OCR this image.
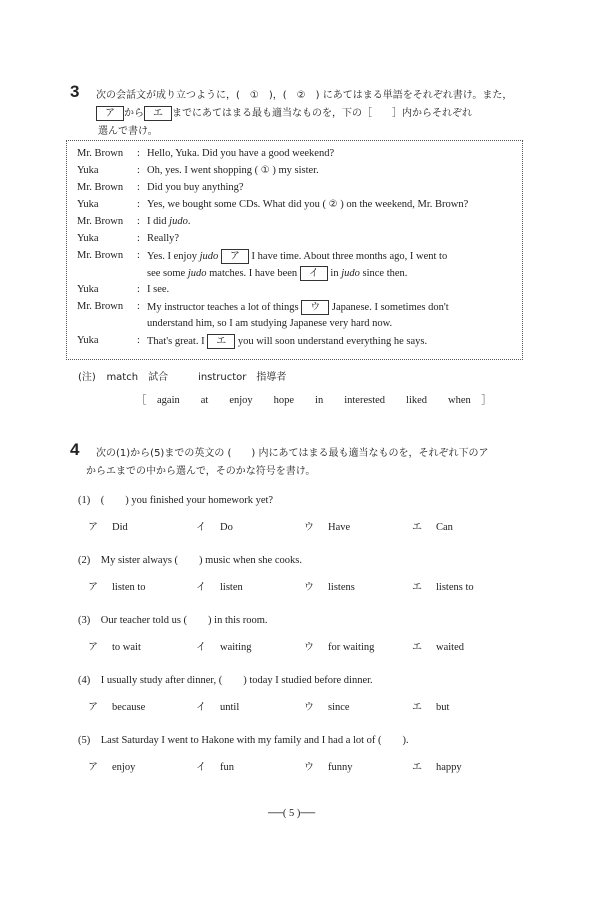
3 次の会話文が成り立つように，(　①　)，(　②　) にあてはまる単語をそれぞれ書け。また，
ア から エ までにあてはまる最も適当なものを，下の［　　］内からそれぞれ
選んで書け。
Mr. Brown	: Hello, Yuka. Did you have a good weekend?
Yuka	: Oh, yes. I went shopping ( ① ) my sister.
Mr. Brown	: Did you buy anything?
Yuka	: Yes, we bought some CDs. What did you ( ② ) on the weekend, Mr. Brown?
Mr. Brown	: I did judo.
Yuka	: Really?
Mr. Brown	: Yes. I enjoy judo ア I have time. About three months ago, I went to
see some judo matches. I have been イ in judo since then.
Yuka	: I see.
Mr. Brown	: My instructor teaches a lot of things ウ Japanese. I sometimes don't
understand him, so I am studying Japanese very hard now.
Yuka	: That's great. I エ you will soon understand everything he says.
(注) match　試合　　　instructor　指導者
［　again　　at　　enjoy　　hope　　in　　interested　　liked　　when　］
4 次の(1)から(5)までの英文の (　　) 内にあてはまる最も適当なものを，それぞれ下のア
からエまでの中から選んで，そのかな符号を書け。
(1)　 (　　) you finished your homework yet?
ア Did	イ Do	ウ Have	エ Can
(2)　 My sister always (　　) music when she cooks.
ア listen to	イ listen	ウ listens	エ listens to
(3)　 Our teacher told us (　　) in this room.
ア to wait	イ waiting	ウ for waiting	エ waited
(4)　 I usually study after dinner, (　　) today I studied before dinner.
ア because	イ until	ウ since	エ but
(5)　 Last Saturday I went to Hakone with my family and I had a lot of (　　).
ア enjoy	イ fun	ウ funny	エ happy
──( 5 )──
